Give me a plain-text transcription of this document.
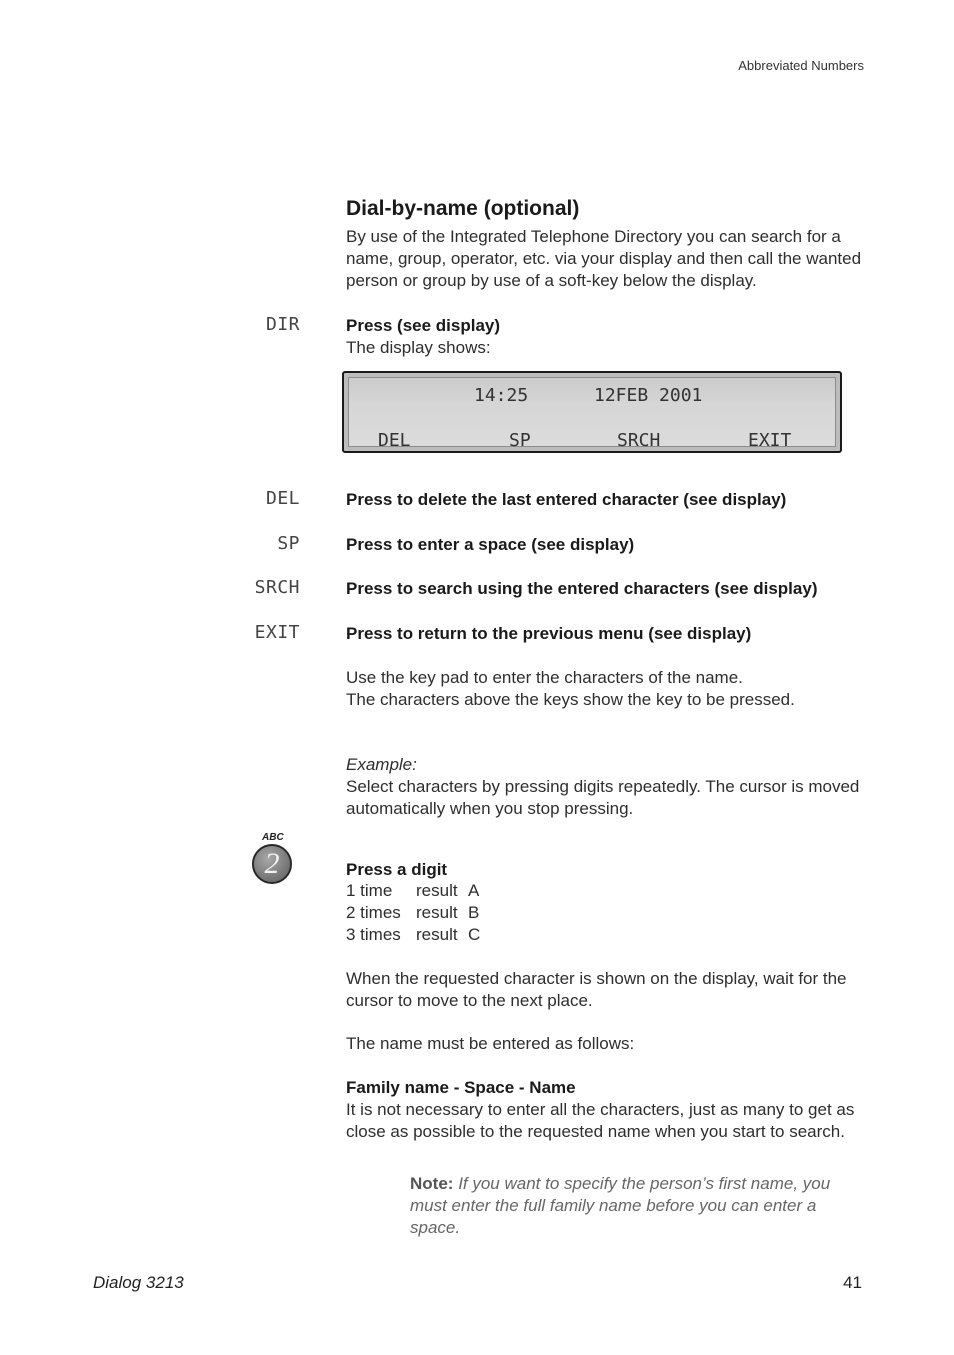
Abbreviated Numbers
Dial-by-name (optional)
By use of the Integrated Telephone Directory you can search for a name, group, operator, etc. via your display and then call the wanted person or group by use of a soft-key below the display.
DIR	Press (see display)
The display shows:
14:25	12FEB 2001
DEL	SP	SRCH	EXIT
DEL	Press to delete the last entered character (see display)
SP	Press to enter a space (see display)
SRCH	Press to search using the entered characters (see display)
EXIT	Press to return to the previous menu (see display)
Use the key pad to enter the characters of the name.
The characters above the keys show the key to be pressed.
Example:
Select characters by pressing digits repeatedly. The cursor is moved automatically when you stop pressing.
ABC
2	Press a digit
1 time result A
2 times result B
3 times result C
When the requested character is shown on the display, wait for the cursor to move to the next place.
The name must be entered as follows:
Family name - Space - Name
It is not necessary to enter all the characters, just as many to get as close as possible to the requested name when you start to search.
Note: If you want to specify the person’s first name, you must enter the full family name before you can enter a space.
Dialog 3213	41
